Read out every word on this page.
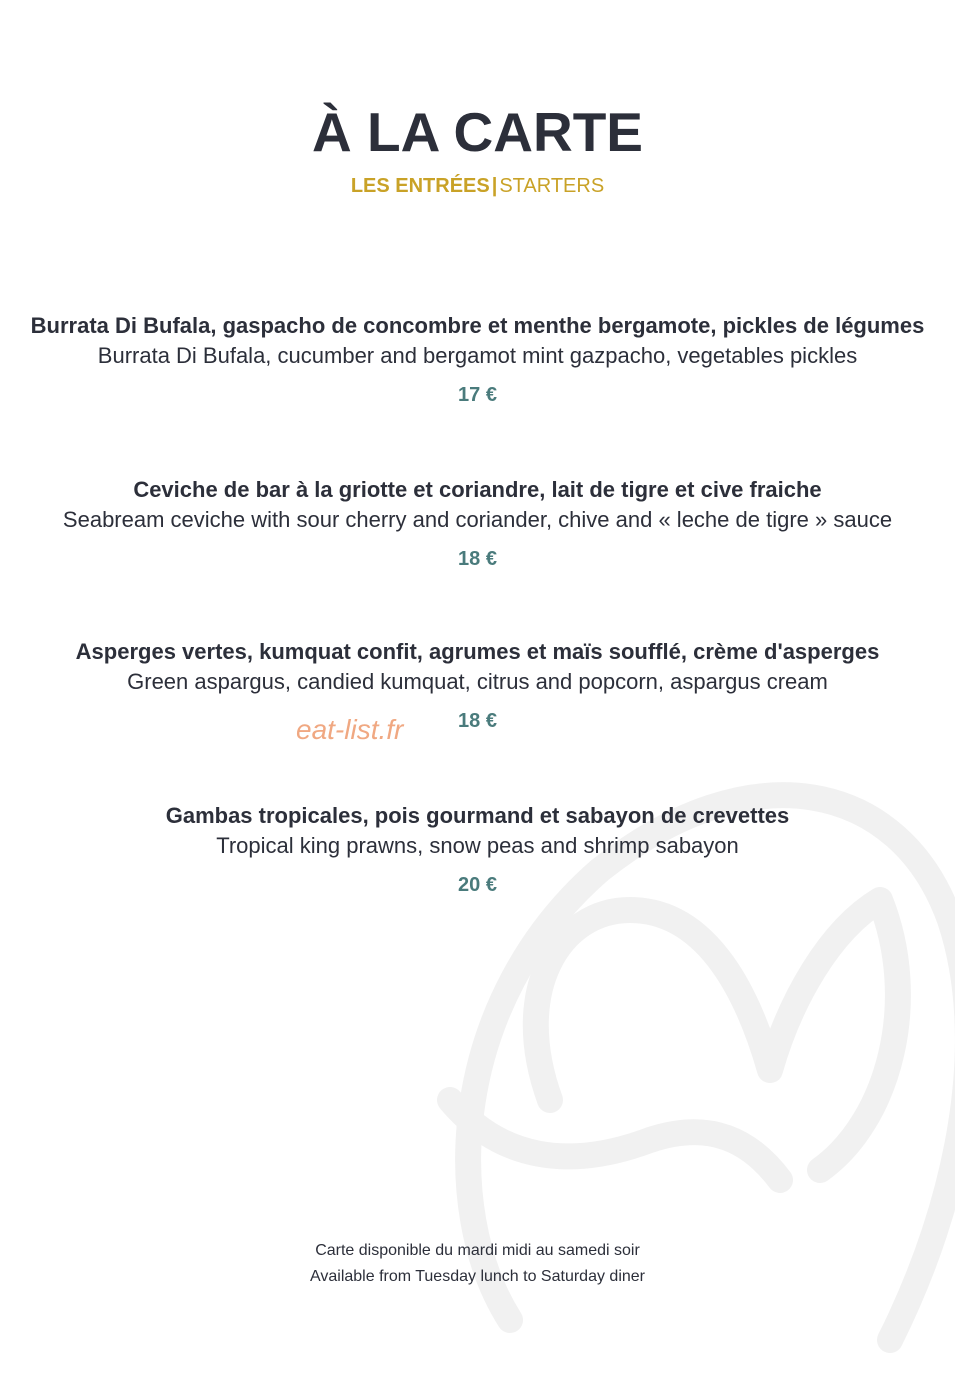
À LA CARTE
LES ENTRÉES | STARTERS
Burrata Di Bufala, gaspacho de concombre et menthe bergamote, pickles de légumes
Burrata Di Bufala, cucumber and bergamot mint gazpacho, vegetables pickles
17 €
Ceviche de bar à la griotte et coriandre, lait de tigre et cive fraiche
Seabream ceviche with sour cherry and coriander, chive and « leche de tigre » sauce
18 €
Asperges vertes, kumquat confit, agrumes et maïs soufflé, crème d'asperges
Green aspargus, candied kumquat, citrus and popcorn, aspargus cream
18 €
eat-list.fr
Gambas tropicales, pois gourmand et sabayon de crevettes
Tropical king prawns, snow peas and shrimp sabayon
20 €
Carte disponible du mardi midi au samedi soir
Available from Tuesday lunch to Saturday diner
